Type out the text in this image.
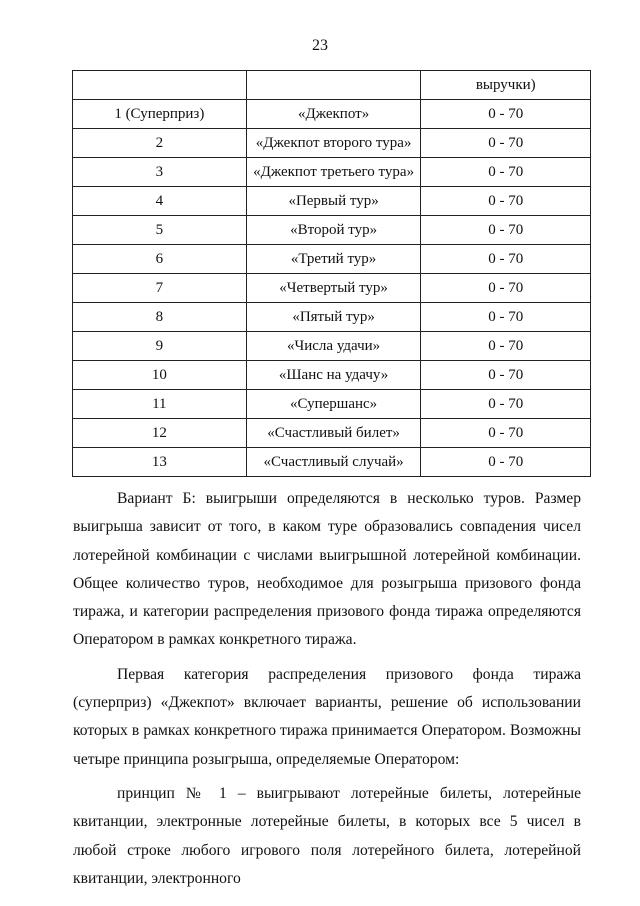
23
		выручки)
1 (Суперприз)	«Джекпот»	0 - 70
2	«Джекпот второго тура»	0 - 70
3	«Джекпот третьего тура»	0 - 70
4	«Первый тур»	0 - 70
5	«Второй тур»	0 - 70
6	«Третий тур»	0 - 70
7	«Четвертый тур»	0 - 70
8	«Пятый тур»	0 - 70
9	«Числа удачи»	0 - 70
10	«Шанс на удачу»	0 - 70
11	«Супершанс»	0 - 70
12	«Счастливый билет»	0 - 70
13	«Счастливый случай»	0 - 70

Вариант Б: выигрыши определяются в несколько туров. Размер выигрыша зависит от того, в каком туре образовались совпадения чисел лотерейной комбинации с числами выигрышной лотерейной комбинации. Общее количество туров, необходимое для розыгрыша призового фонда тиража, и категории распределения призового фонда тиража определяются Оператором в рамках конкретного тиража.

Первая категория распределения призового фонда тиража (суперприз) «Джекпот» включает варианты, решение об использовании которых в рамках конкретного тиража принимается Оператором. Возможны четыре принципа розыгрыша, определяемые Оператором:

принцип № 1 – выигрывают лотерейные билеты, лотерейные квитанции, электронные лотерейные билеты, в которых все 5 чисел в любой строке любого игрового поля лотерейного билета, лотерейной квитанции, электронного
